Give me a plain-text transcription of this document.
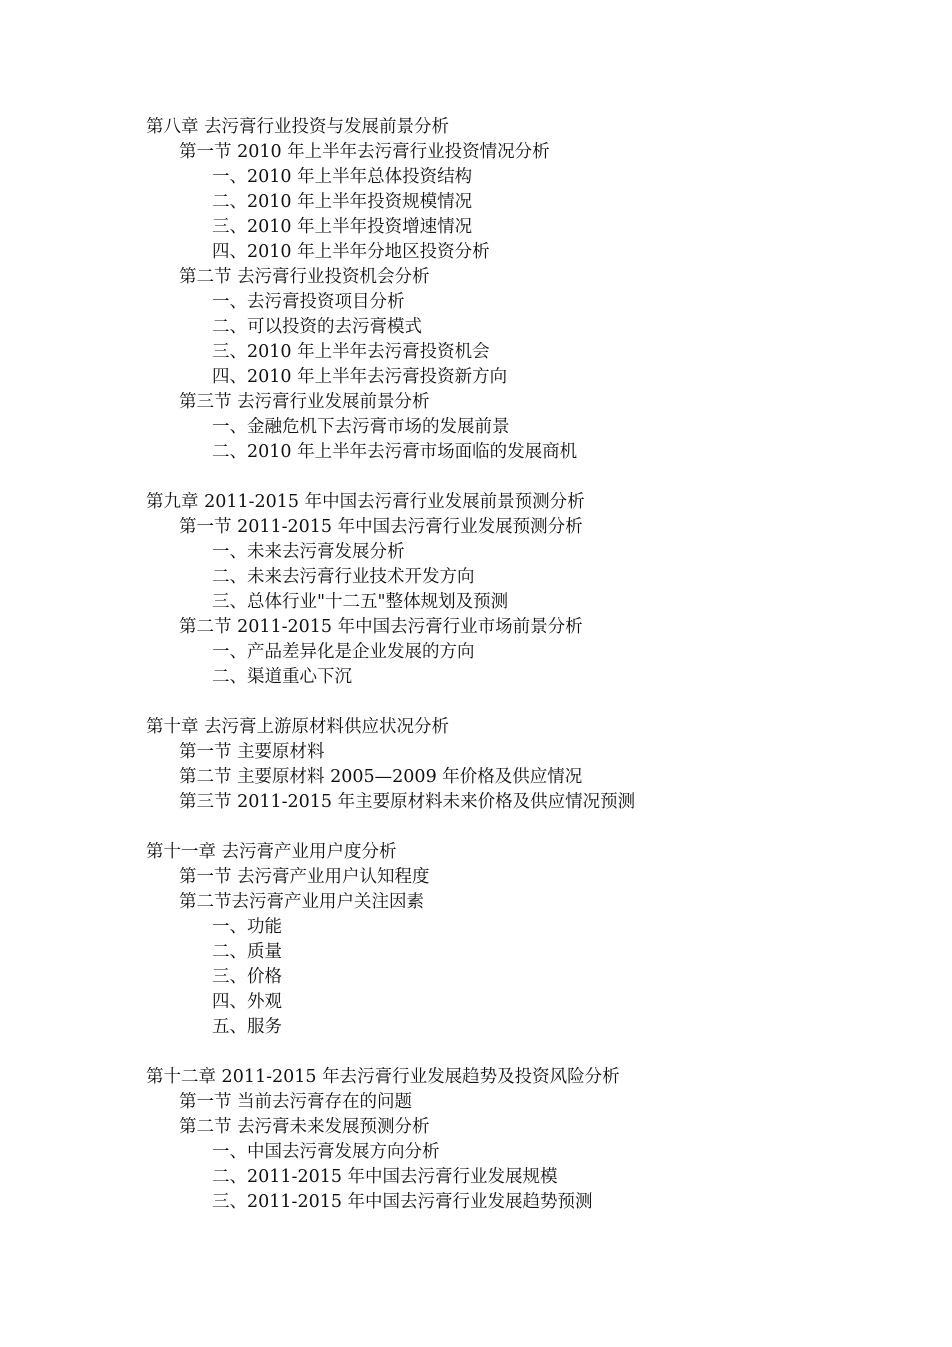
第八章 去污膏行业投资与发展前景分析
第一节 2010 年上半年去污膏行业投资情况分析
一、2010 年上半年总体投资结构
二、2010 年上半年投资规模情况
三、2010 年上半年投资增速情况
四、2010 年上半年分地区投资分析
第二节 去污膏行业投资机会分析
一、去污膏投资项目分析
二、可以投资的去污膏模式
三、2010 年上半年去污膏投资机会
四、2010 年上半年去污膏投资新方向
第三节 去污膏行业发展前景分析
一、金融危机下去污膏市场的发展前景
二、2010 年上半年去污膏市场面临的发展商机
第九章 2011-2015 年中国去污膏行业发展前景预测分析
第一节 2011-2015 年中国去污膏行业发展预测分析
一、未来去污膏发展分析
二、未来去污膏行业技术开发方向
三、总体行业"十二五"整体规划及预测
第二节 2011-2015 年中国去污膏行业市场前景分析
一、产品差异化是企业发展的方向
二、渠道重心下沉
第十章 去污膏上游原材料供应状况分析
第一节 主要原材料
第二节 主要原材料 2005—2009 年价格及供应情况
第三节 2011-2015 年主要原材料未来价格及供应情况预测
第十一章 去污膏产业用户度分析
第一节 去污膏产业用户认知程度
第二节去污膏产业用户关注因素
一、功能
二、质量
三、价格
四、外观
五、服务
第十二章 2011-2015 年去污膏行业发展趋势及投资风险分析
第一节 当前去污膏存在的问题
第二节 去污膏未来发展预测分析
一、中国去污膏发展方向分析
二、2011-2015 年中国去污膏行业发展规模
三、2011-2015 年中国去污膏行业发展趋势预测
